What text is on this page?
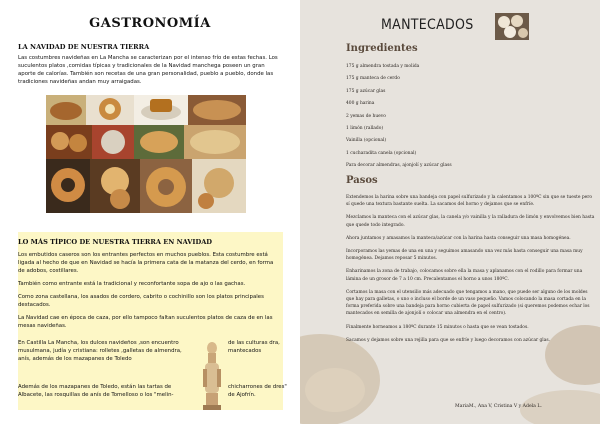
GASTRONOMÍA
LA NAVIDAD DE NUESTRA TIERRA
Las costumbres navideñas en La Mancha se caracterizan por el intenso frío de estas fechas. Los suculentos platos ,comidas típicas y tradicionales de la Navidad manchega poseen un gran aporte de calorías. También son recetas de una gran personalidad, pueblo a pueblo, donde las tradiciones navideñas andan muy arraigadas.
LO MÁS TÍPICO DE NUESTRA TIERRA EN NAVIDAD

Los embutidos caseros son los entrantes perfectos en muchos pueblos. Esta costumbre está ligada al hecho de que en Navidad se hacía la primera cata de la matanza del cerdo, en forma de adobos, costillares.

También como entrante está la tradicional y reconfortante sopa de ajo o las gachas.

Como zona castellana, los asados de cordero, cabrito o cochinillo son los platos principales destacados.

La Navidad cae en época de caza, por ello tampoco faltan suculentos platos de caza de en las mesas navideñas.

En Castilla La Mancha, los dulces navideños ,son encuentro musulmana, judía y cristiana: rolletes ,galletas de almendra, anís, además de los mazapanes de Toledo
de las culturas dra, mantecados
Además de los mazapanes de Toledo, están las tartas de Albacete, las rosquillas de anís de Tomelloso o los "melin-
chicharrones de dres" de Ajofrín.
MANTECADOS
Ingredientes
175 g almendra tostada y molida
175 g manteca de cerdo
175 g azúcar glas
400 g harina
2 yemas de huevo
1 limón (rallado)
Vainilla (opcional)
1 cucharadita canela (opcional)
Para decorar almendras, ajonjolí y azúcar glass
Pasos

Extendemos la harina sobre una bandeja con papel sulfurizado y la calentamos a 100ºC sin que se tueste pero sí quede una textura bastante suelta. La sacamos del horno y dejamos que se enfríe.

Mezclamos la manteca con el azúcar glas, la canela y/o vainilla y la ralladura de limón y envolvemos bien hasta que quede todo integrado.

Ahora juntamos y amasamos la manteca/azúcar con la harina hasta conseguir una masa homogénea.

Incorporamos las yemas de una en una y seguimos amasando una vez más hasta conseguir una masa muy homogénea. Dejamos reposar 5 minutos.

Enharinamos la zona de trabajo, colocamos sobre ella la masa y aplanamos con el rodillo para formar una lámina de un grosor de 7 a 10 cm. Precalentamos el horno a unos 180ºC.

Cortamos la masa con el utensilio más adecuado que tengamos a mano, que puede ser alguno de los moldes que hay para galletas, o uno o incluso el borde de un vaso pequeño. Vamos colocando la masa cortada en la forma preferida sobre una bandeja para horno cubierta de papel sulfurizado (si queremos podemos echar los mantecados en semilla de ajonjolí o colocar una almendra en el centro).

Finalmente horneamos a 180ºC durante 15 minutos o hasta que se vean tostados.

Sacamos y dejamos sobre una rejilla para que se enfríe y luego decoramos con azúcar glas.

MariaM., Ana V, Cristina V y Adela L.
